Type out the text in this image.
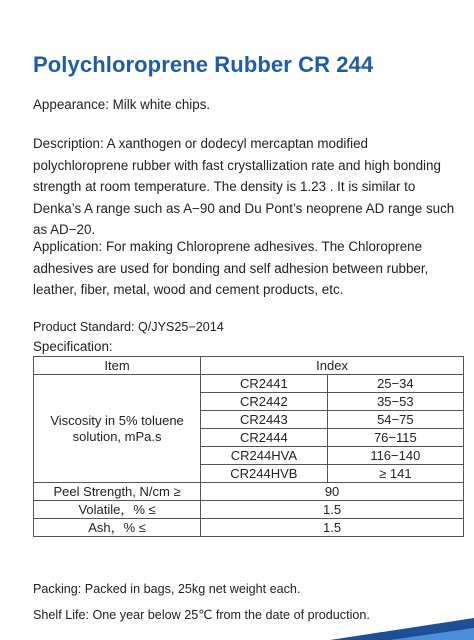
Polychloroprene Rubber CR 244

Appearance: Milk white chips.

Description: A xanthogen or dodecyl mercaptan modified polychloroprene rubber with fast crystallization rate and high bonding strength at room temperature. The density is 1.23 . It is similar to Denka’s A range such as A−90 and Du Pont’s neoprene AD range such as AD−20.

Application: For making Chloroprene adhesives. The Chloroprene adhesives are used for bonding and self adhesion between rubber, leather, fiber, metal, wood and cement products, etc.

Product Standard: Q/JYS25−2014

Specification:

Item	Index	
Viscosity in 5% toluene solution, mPa.s	CR2441	25−34
	CR2442	35−53
	CR2443	54−75
	CR2444	76−115
	CR244HVA	116−140
	CR244HVB	≥ 141
Peel Strength, N/cm ≥	90	
Volatile，% ≤	1.5	
Ash，% ≤	1.5	

Packing: Packed in bags, 25kg net weight each.

Shelf Life: One year below 25℃ from the date of production.
